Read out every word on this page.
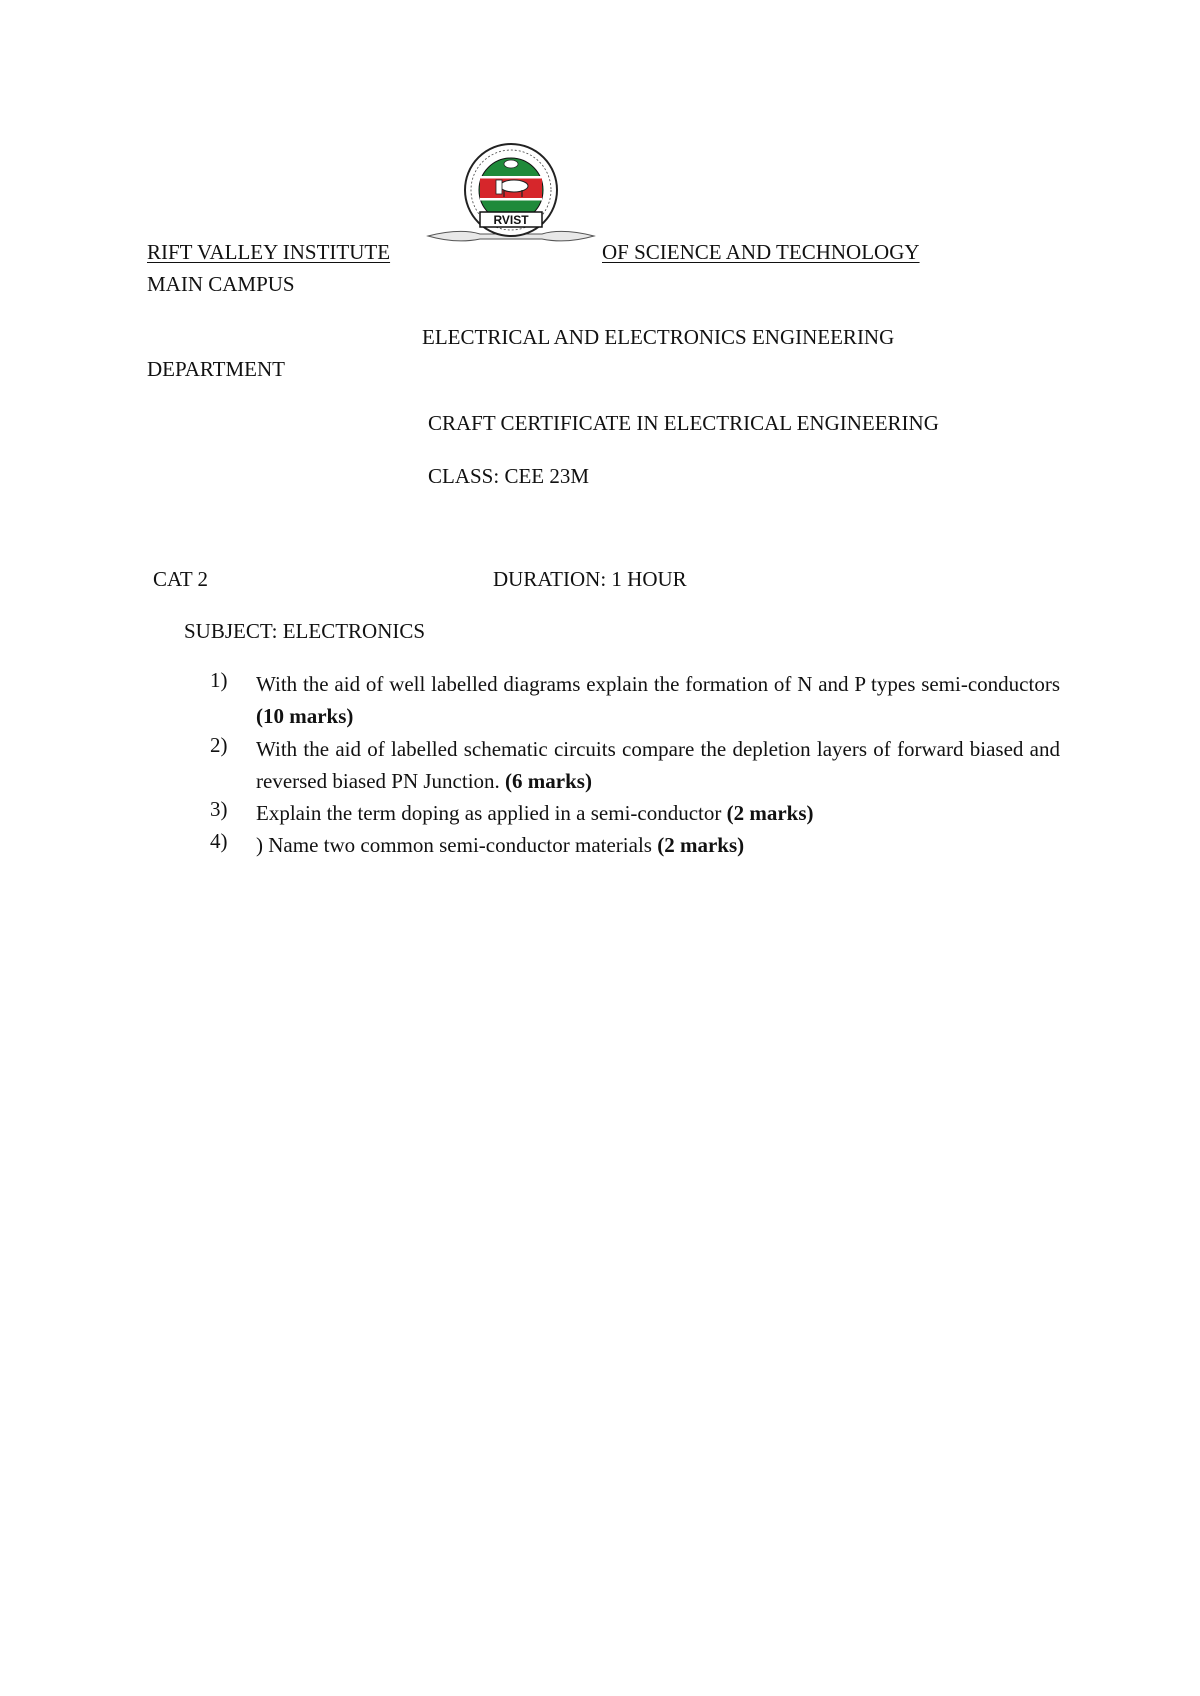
RVIST
RIFT VALLEY INSTITUTE	OF SCIENCE AND TECHNOLOGY
MAIN CAMPUS
ELECTRICAL AND ELECTRONICS ENGINEERING
DEPARTMENT
CRAFT CERTIFICATE IN ELECTRICAL ENGINEERING
CLASS: CEE 23M
CAT 2	DURATION: 1 HOUR
SUBJECT: ELECTRONICS
1)	With the aid of well labelled diagrams explain the formation of N and P types semi-conductors (10 marks)
2)	With the aid of labelled schematic circuits compare the depletion layers of forward biased and reversed biased PN Junction. (6 marks)
3)	Explain the term doping as applied in a semi-conductor (2 marks)
4)	) Name two common semi-conductor materials (2 marks)
